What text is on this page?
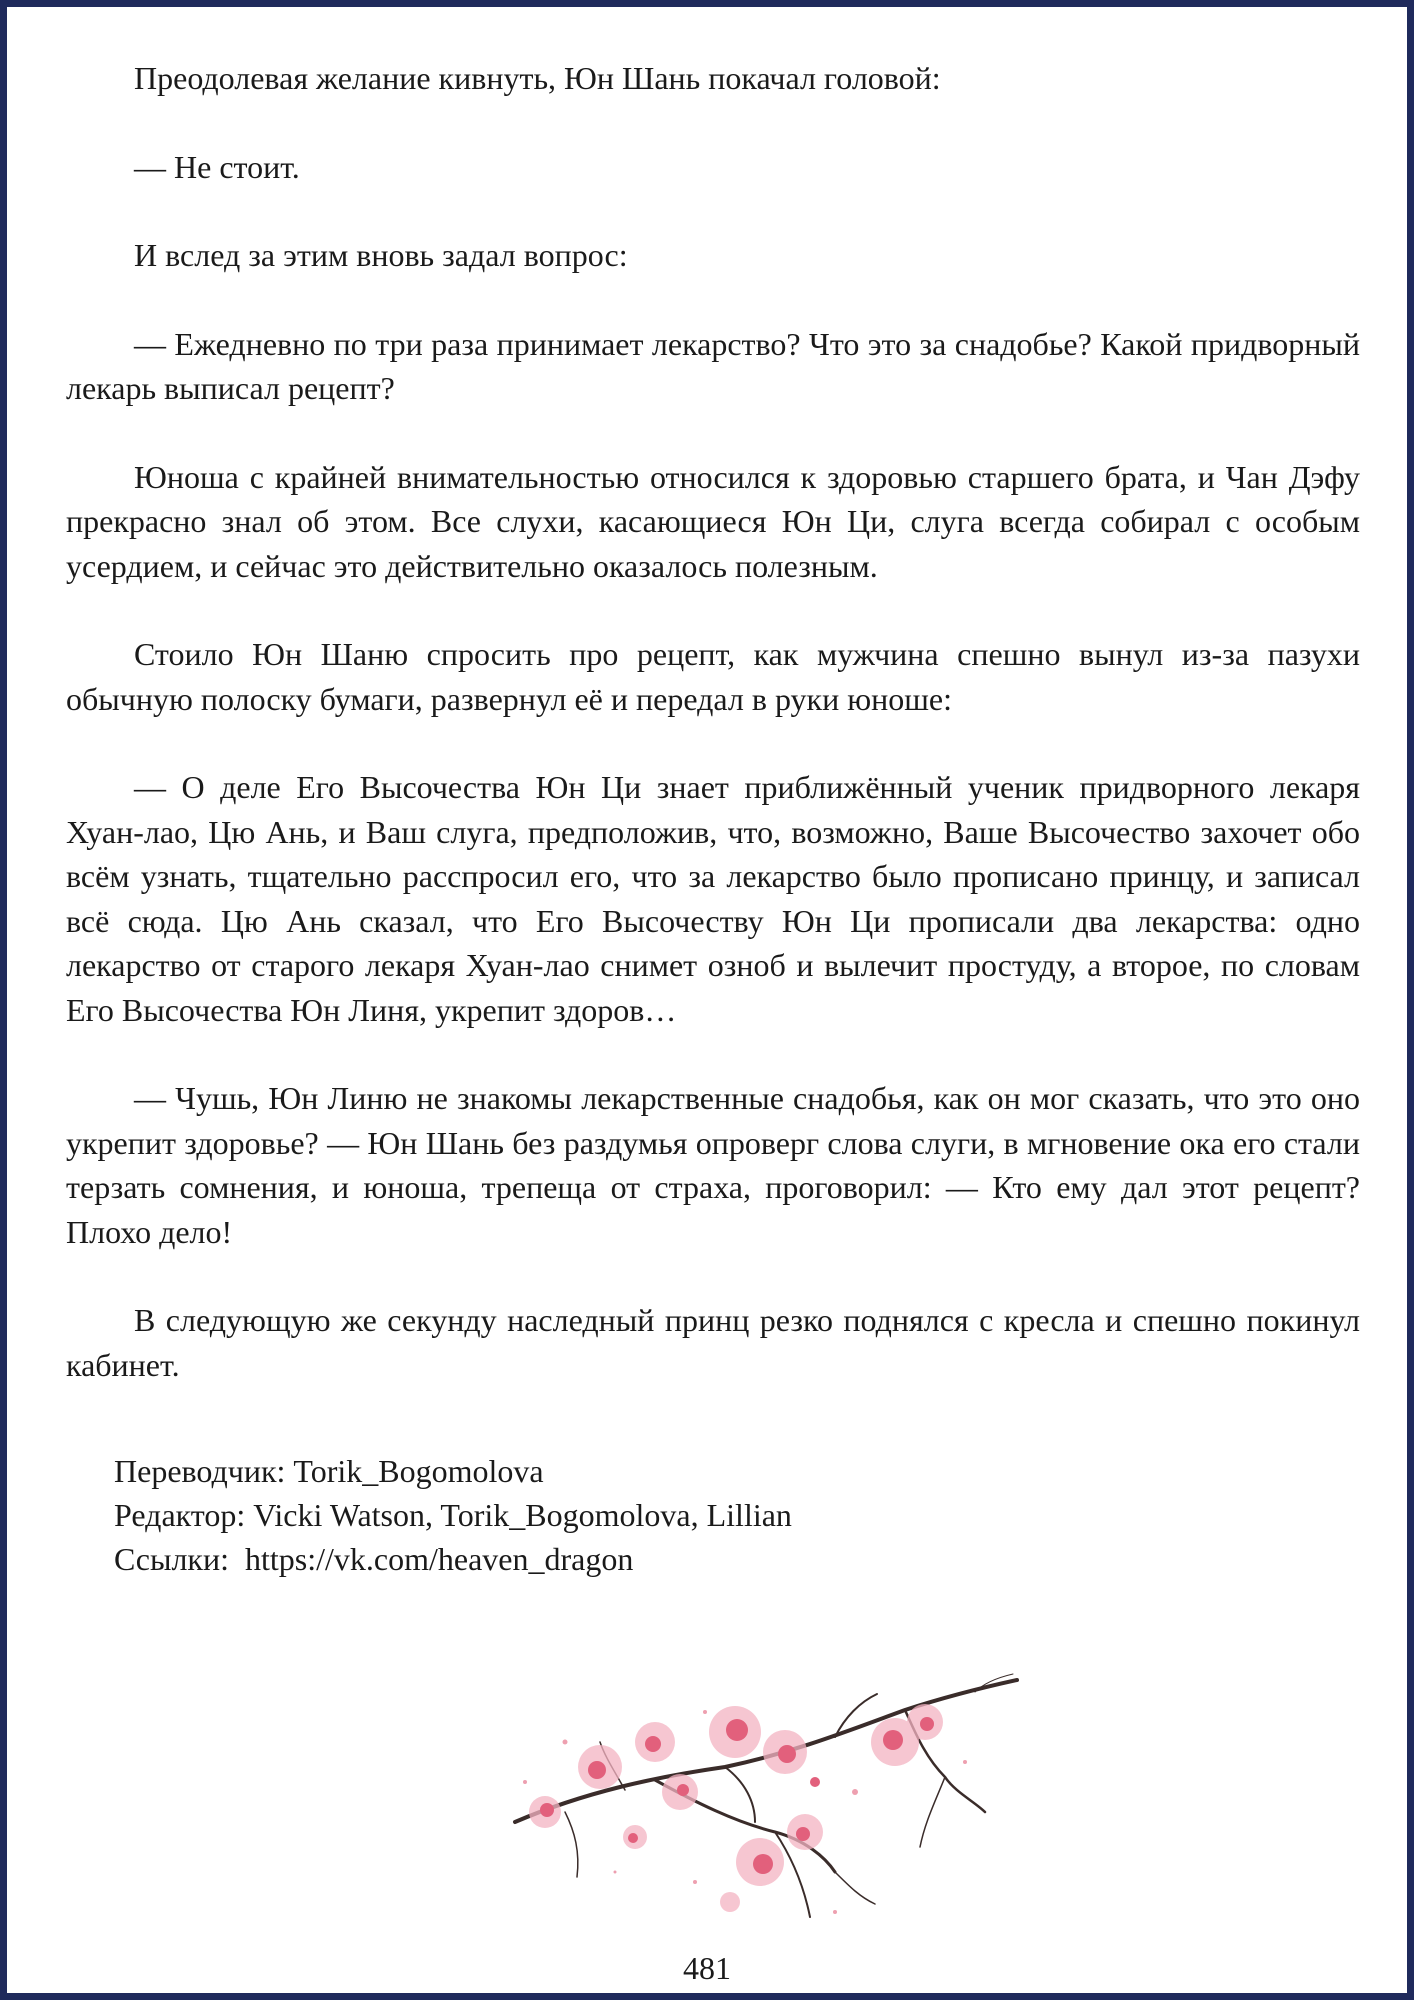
Преодолевая желание кивнуть, Юн Шань покачал головой:

— Не стоит.

И вслед за этим вновь задал вопрос:

— Ежедневно по три раза принимает лекарство? Что это за снадобье? Какой придворный лекарь выписал рецепт?

Юноша с крайней внимательностью относился к здоровью старшего брата, и Чан Дэфу прекрасно знал об этом. Все слухи, касающиеся Юн Ци, слуга всегда собирал с особым усердием, и сейчас это действительно оказалось полезным.

Стоило Юн Шаню спросить про рецепт, как мужчина спешно вынул из-за пазухи обычную полоску бумаги, развернул её и передал в руки юноше:

— О деле Его Высочества Юн Ци знает приближённый ученик придворного лекаря Хуан-лао, Цю Ань, и Ваш слуга, предположив, что, возможно, Ваше Высочество захочет обо всём узнать, тщательно расспросил его, что за лекарство было прописано принцу, и записал всё сюда. Цю Ань сказал, что Его Высочеству Юн Ци прописали два лекарства: одно лекарство от старого лекаря Хуан-лао снимет озноб и вылечит простуду, а второе, по словам Его Высочества Юн Линя, укрепит здоров…

— Чушь, Юн Линю не знакомы лекарственные снадобья, как он мог сказать, что это оно укрепит здоровье? — Юн Шань без раздумья опроверг слова слуги, в мгновение ока его стали терзать сомнения, и юноша, трепеща от страха, проговорил: — Кто ему дал этот рецепт? Плохо дело!

В следующую же секунду наследный принц резко поднялся с кресла и спешно покинул кабинет.

Переводчик: Torik_Bogomolova
Редактор: Vicki Watson, Torik_Bogomolova, Lillian
Ссылки:  https://vk.com/heaven_dragon
481
